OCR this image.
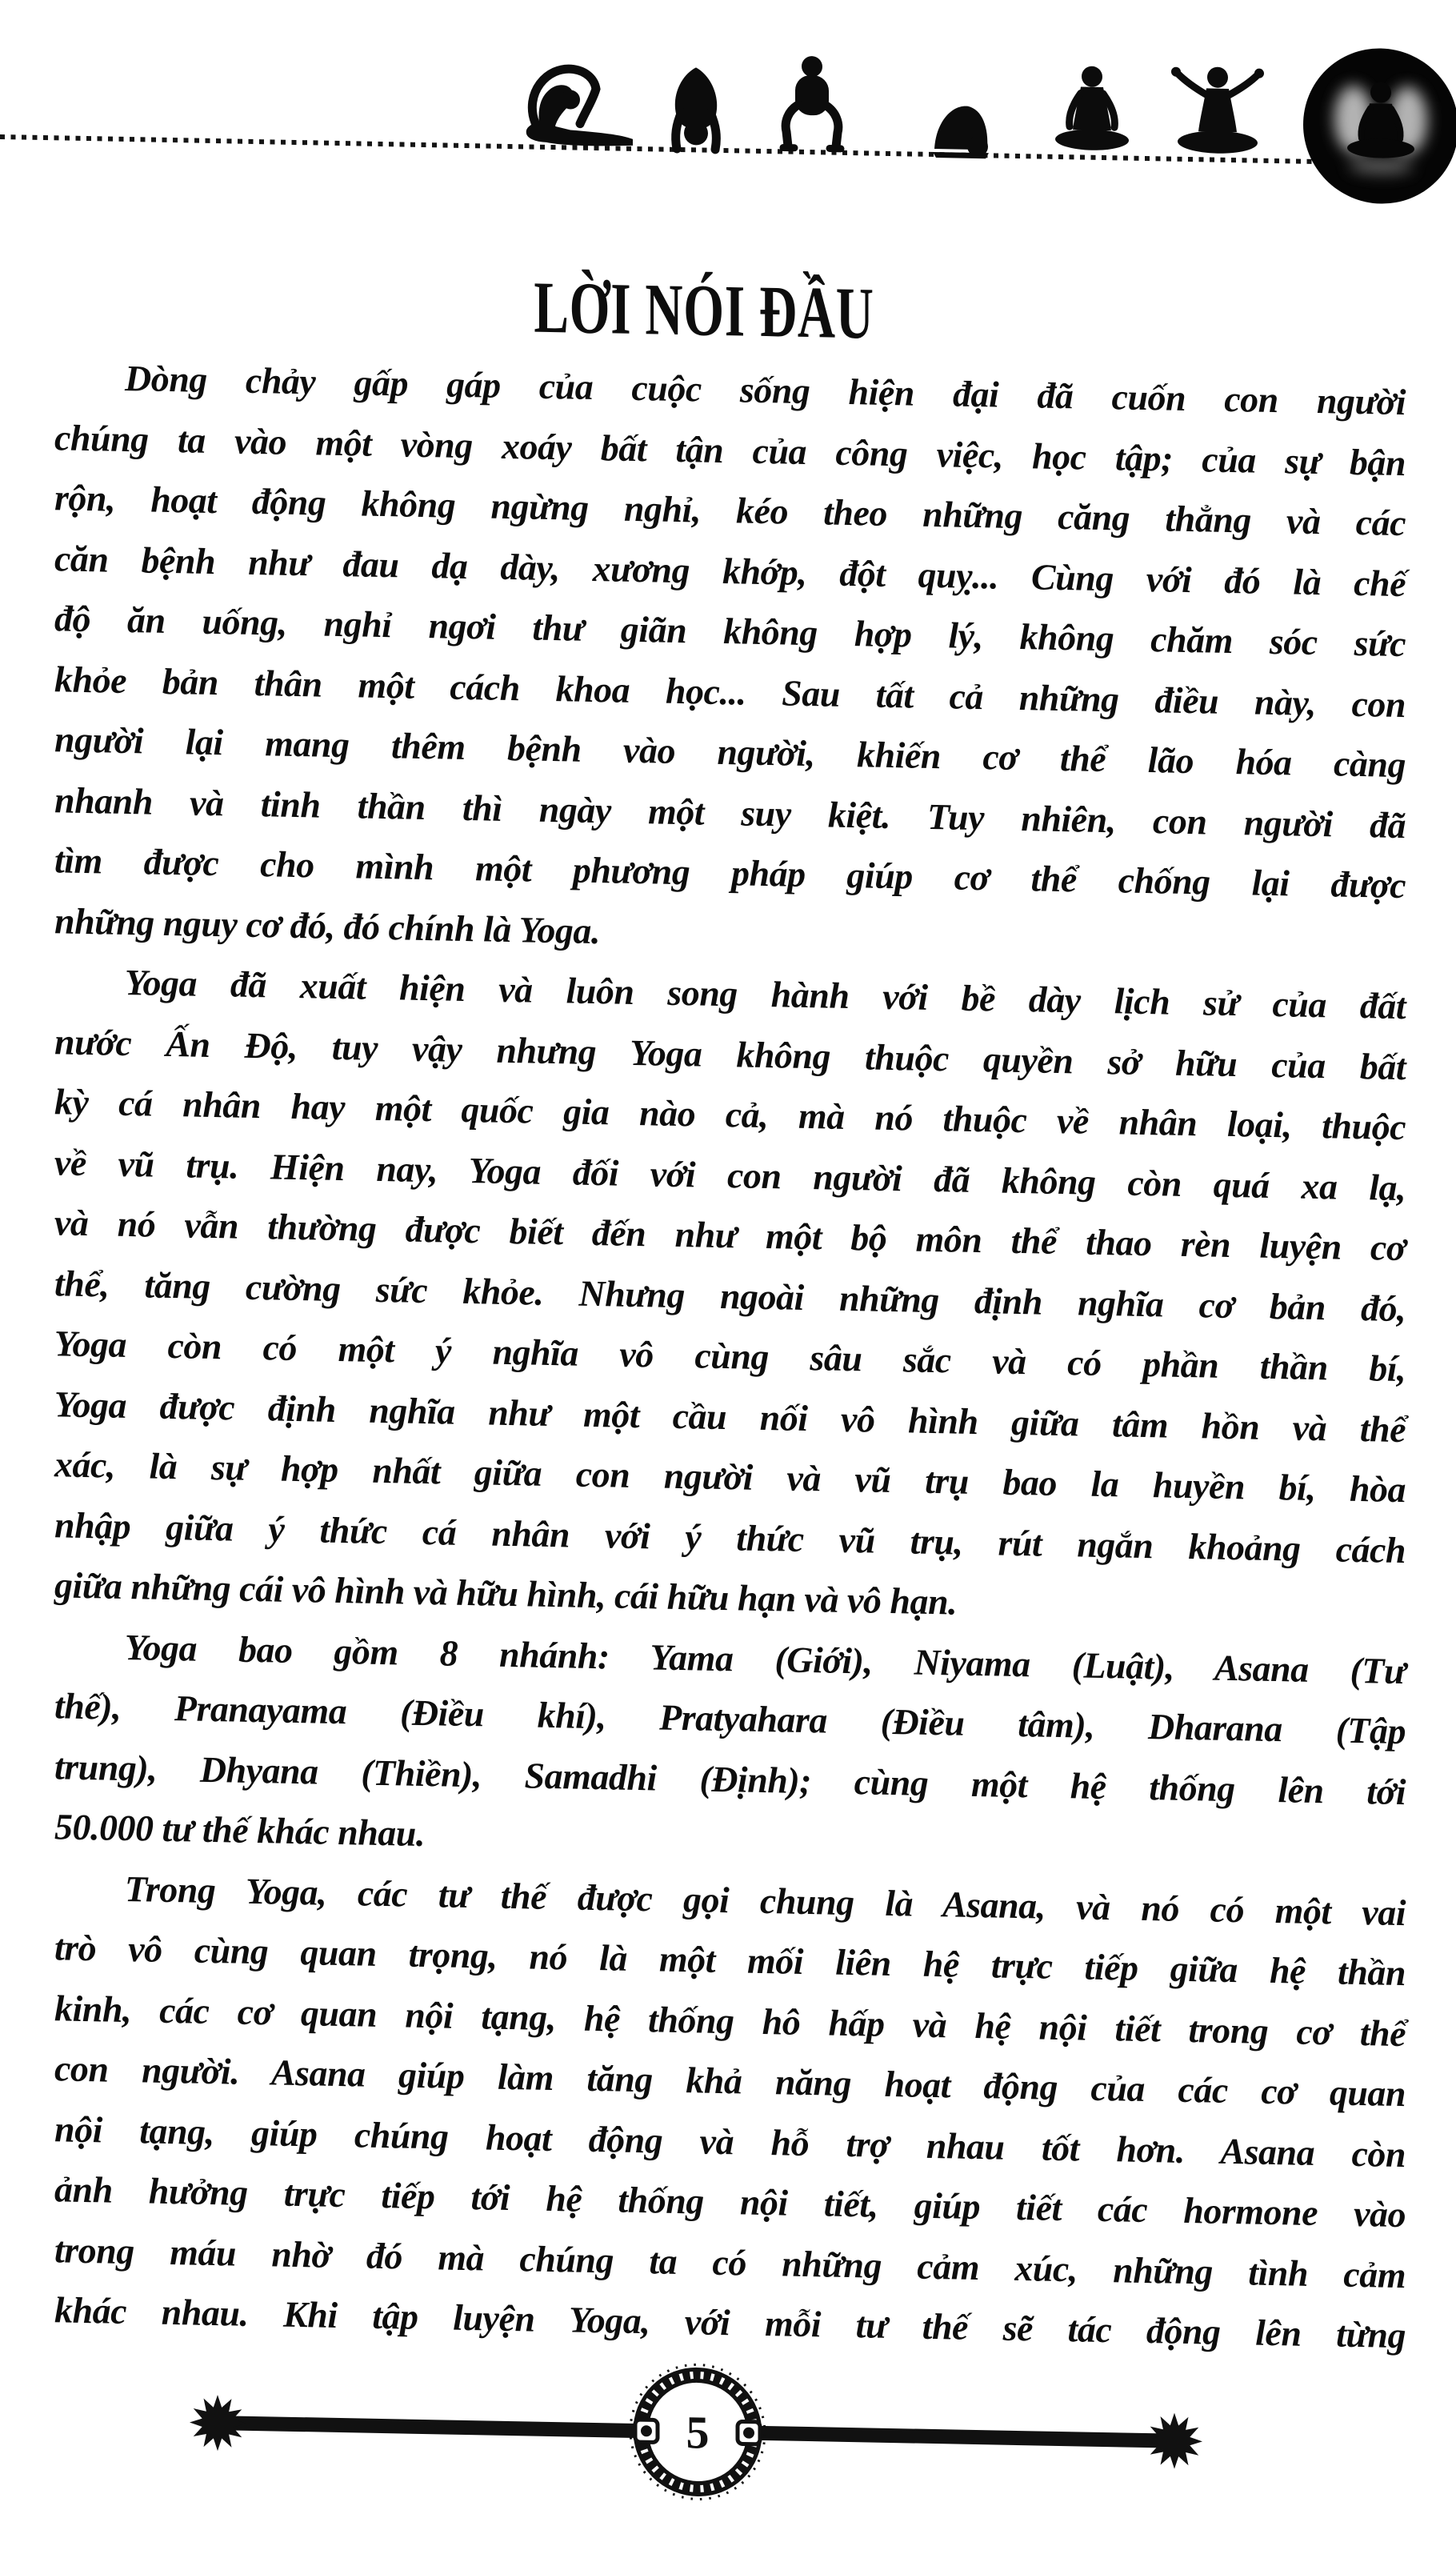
LỜI NÓI ĐẦU
Dòng chảy gấp gáp của cuộc sống hiện đại đã cuốn con người
chúng ta vào một vòng xoáy bất tận của công việc, học tập; của sự bận
rộn, hoạt động không ngừng nghỉ, kéo theo những căng thẳng và các
căn bệnh như đau dạ dày, xương khớp, đột quỵ... Cùng với đó là chế
độ ăn uống, nghỉ ngơi thư giãn không hợp lý, không chăm sóc sức
khỏe bản thân một cách khoa học... Sau tất cả những điều này, con
người lại mang thêm bệnh vào người, khiến cơ thể lão hóa càng
nhanh và tinh thần thì ngày một suy kiệt. Tuy nhiên, con người đã
tìm được cho mình một phương pháp giúp cơ thể chống lại được
những nguy cơ đó, đó chính là Yoga.
Yoga đã xuất hiện và luôn song hành với bề dày lịch sử của đất
nước Ấn Độ, tuy vậy nhưng Yoga không thuộc quyền sở hữu của bất
kỳ cá nhân hay một quốc gia nào cả, mà nó thuộc về nhân loại, thuộc
về vũ trụ. Hiện nay, Yoga đối với con người đã không còn quá xa lạ,
và nó vẫn thường được biết đến như một bộ môn thể thao rèn luyện cơ
thể, tăng cường sức khỏe. Nhưng ngoài những định nghĩa cơ bản đó,
Yoga còn có một ý nghĩa vô cùng sâu sắc và có phần thần bí,
Yoga được định nghĩa như một cầu nối vô hình giữa tâm hồn và thể
xác, là sự hợp nhất giữa con người và vũ trụ bao la huyền bí, hòa
nhập giữa ý thức cá nhân với ý thức vũ trụ, rút ngắn khoảng cách
giữa những cái vô hình và hữu hình, cái hữu hạn và vô hạn.
Yoga bao gồm 8 nhánh: Yama (Giới), Niyama (Luật), Asana (Tư
thế), Pranayama (Điều khí), Pratyahara (Điều tâm), Dharana (Tập
trung), Dhyana (Thiền), Samadhi (Định); cùng một hệ thống lên tới
50.000 tư thế khác nhau.
Trong Yoga, các tư thế được gọi chung là Asana, và nó có một vai
trò vô cùng quan trọng, nó là một mối liên hệ trực tiếp giữa hệ thần
kinh, các cơ quan nội tạng, hệ thống hô hấp và hệ nội tiết trong cơ thể
con người. Asana giúp làm tăng khả năng hoạt động của các cơ quan
nội tạng, giúp chúng hoạt động và hỗ trợ nhau tốt hơn. Asana còn
ảnh hưởng trực tiếp tới hệ thống nội tiết, giúp tiết các hormone vào
trong máu nhờ đó mà chúng ta có những cảm xúc, những tình cảm
khác nhau. Khi tập luyện Yoga, với mỗi tư thế sẽ tác động lên từng
5
